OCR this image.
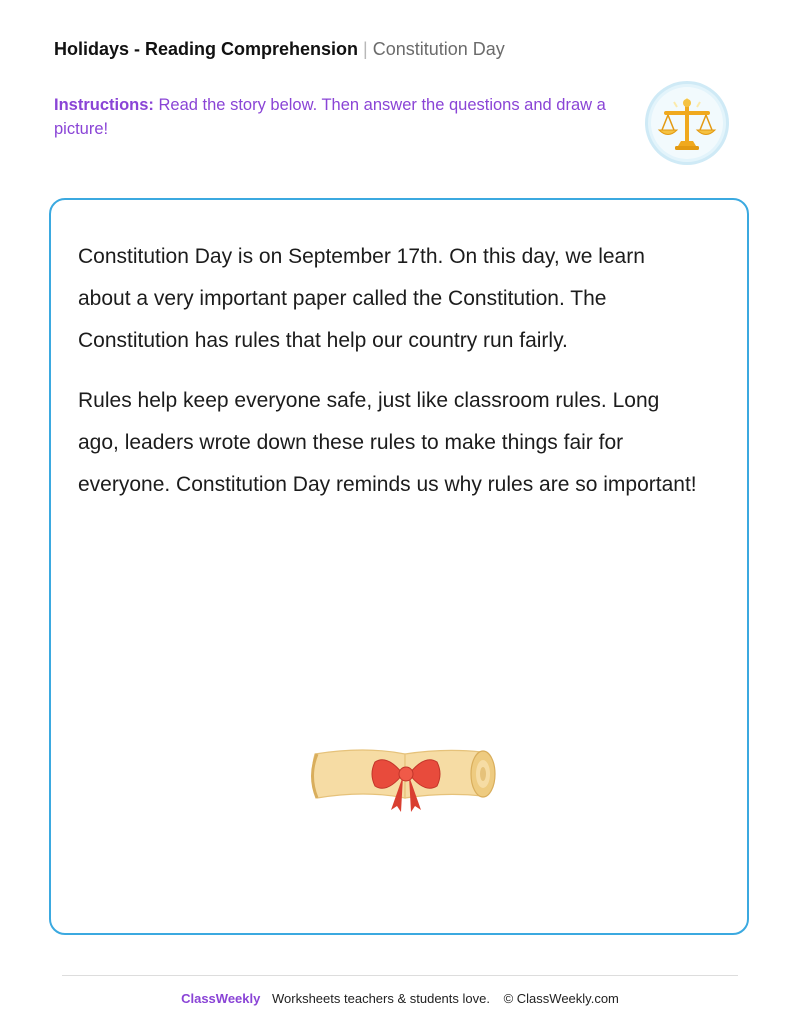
Holidays - Reading Comprehension | Constitution Day
Instructions: Read the story below. Then answer the questions and draw a picture!

Constitution Day is on September 17th. On this day, we learn about a very important paper called the Constitution. The Constitution has rules that help our country run fairly.

Rules help keep everyone safe, just like classroom rules. Long ago, leaders wrote down these rules to make things fair for everyone. Constitution Day reminds us why rules are so important!

ClassWeekly Worksheets teachers & students love. © ClassWeekly.com
